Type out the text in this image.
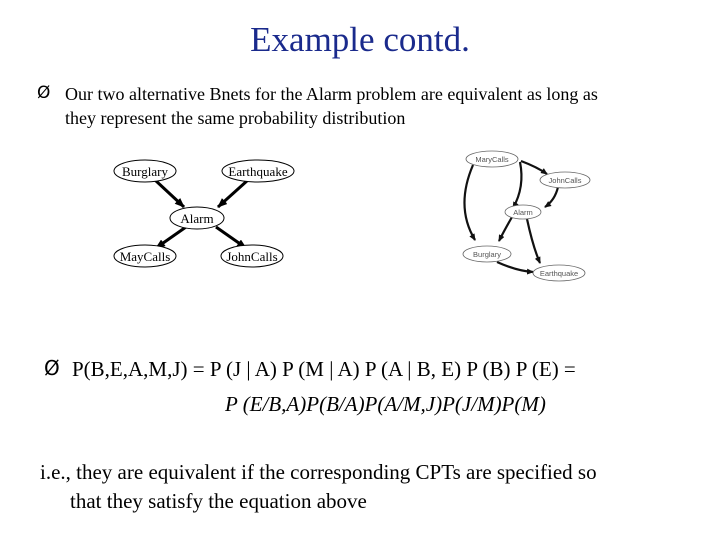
Example contd.
Ø Our two alternative Bnets for the Alarm problem are equivalent as long as
they represent the same probability distribution
Burglary	Earthquake
Alarm
MayCalls	JohnCalls
MaryCalls
JohnCalls
Alarm
Burglary
Earthquake
Ø P(B,E,A,M,J) = P (J | A) P (M | A) P (A | B, E) P (B) P (E) =
P (E/B,A)P(B/A)P(A/M,J)P(J/M)P(M)
i.e., they are equivalent if the corresponding CPTs are specified so
that they satisfy the equation above
